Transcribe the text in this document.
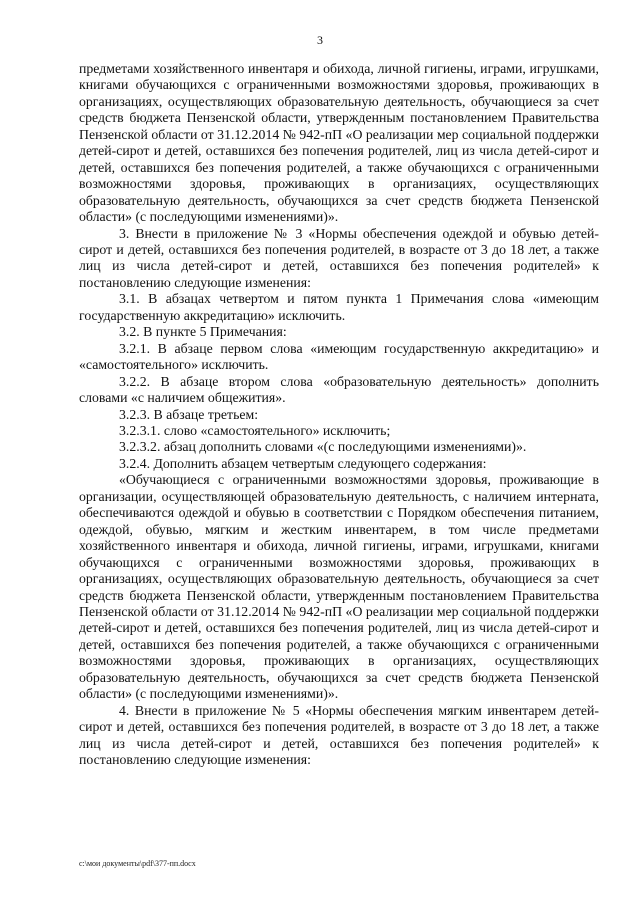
3

предметами хозяйственного инвентаря и обихода, личной гигиены, играми, игрушками, книгами обучающихся с ограниченными возможностями здоровья, проживающих в организациях, осуществляющих образовательную деятельность, обучающиеся за счет средств бюджета Пензенской области, утвержденным постановлением Правительства Пензенской области от 31.12.2014 № 942-пП «О реализации мер социальной поддержки детей-сирот и детей, оставшихся без попечения родителей, лиц из числа детей-сирот и детей, оставшихся без попечения родителей, а также обучающихся с ограниченными возможностями здоровья, проживающих в организациях, осуществляющих образовательную деятельность, обучающихся за счет средств бюджета Пензенской области» (с последующими изменениями)».

3. Внести в приложение № 3 «Нормы обеспечения одеждой и обувью детей-сирот и детей, оставшихся без попечения родителей, в возрасте от 3 до 18 лет, а также лиц из числа детей-сирот и детей, оставшихся без попечения родителей» к постановлению следующие изменения:

3.1. В абзацах четвертом и пятом пункта 1 Примечания слова «имеющим государственную аккредитацию» исключить.

3.2. В пункте 5 Примечания:

3.2.1. В абзаце первом слова «имеющим государственную аккредитацию» и «самостоятельного» исключить.

3.2.2. В абзаце втором слова «образовательную деятельность» дополнить словами «с наличием общежития».

3.2.3. В абзаце третьем:

3.2.3.1. слово «самостоятельного» исключить;

3.2.3.2. абзац дополнить словами «(с последующими изменениями)».

3.2.4. Дополнить абзацем четвертым следующего содержания:

«Обучающиеся с ограниченными возможностями здоровья, проживающие в организации, осуществляющей образовательную деятельность, с наличием интерната, обеспечиваются одеждой и обувью в соответствии с Порядком обеспечения питанием, одеждой, обувью, мягким и жестким инвентарем, в том числе предметами хозяйственного инвентаря и обихода, личной гигиены, играми, игрушками, книгами обучающихся с ограниченными возможностями здоровья, проживающих в организациях, осуществляющих образовательную деятельность, обучающиеся за счет средств бюджета Пензенской области, утвержденным постановлением Правительства Пензенской области от 31.12.2014 № 942-пП «О реализации мер социальной поддержки детей-сирот и детей, оставшихся без попечения родителей, лиц из числа детей-сирот и детей, оставшихся без попечения родителей, а также обучающихся с ограниченными возможностями здоровья, проживающих в организациях, осуществляющих образовательную деятельность, обучающихся за счет средств бюджета Пензенской области» (с последующими изменениями)».

4. Внести в приложение № 5 «Нормы обеспечения мягким инвентарем детей-сирот и детей, оставшихся без попечения родителей, в возрасте от 3 до 18 лет, а также лиц из числа детей-сирот и детей, оставшихся без попечения родителей» к постановлению следующие изменения:

c:\мои документы\pdf\377-пп.docx
